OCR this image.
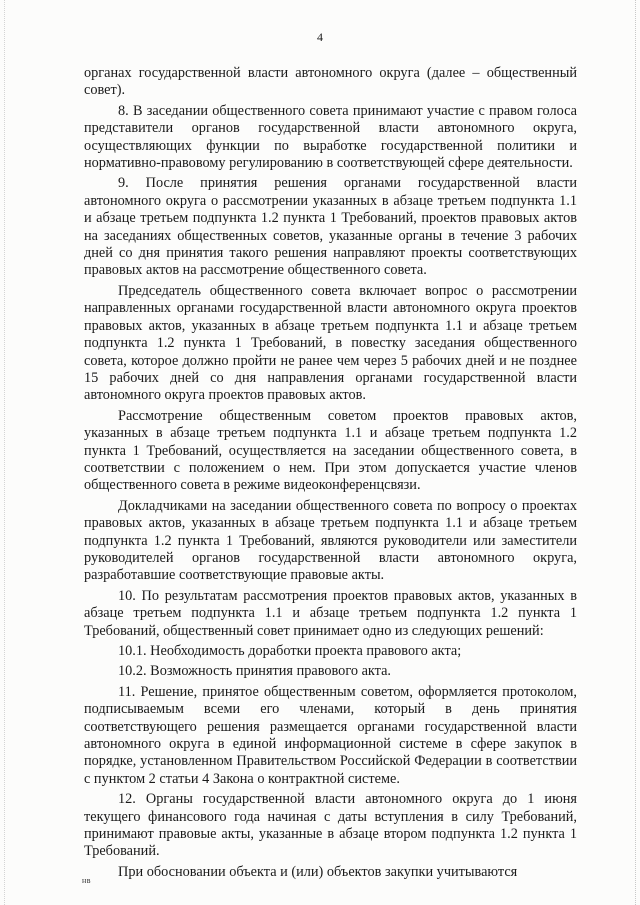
4

органах государственной власти автономного округа (далее – общественный совет).

8. В заседании общественного совета принимают участие с правом голоса представители органов государственной власти автономного округа, осуществляющих функции по выработке государственной политики и нормативно-правовому регулированию в соответствующей сфере деятельности.

9. После принятия решения органами государственной власти автономного округа о рассмотрении указанных в абзаце третьем подпункта 1.1 и абзаце третьем подпункта 1.2 пункта 1 Требований, проектов правовых актов на заседаниях общественных советов, указанные органы в течение 3 рабочих дней со дня принятия такого решения направляют проекты соответствующих правовых актов на рассмотрение общественного совета.

Председатель общественного совета включает вопрос о рассмотрении направленных органами государственной власти автономного округа проектов правовых актов, указанных в абзаце третьем подпункта 1.1 и абзаце третьем подпункта 1.2 пункта 1 Требований, в повестку заседания общественного совета, которое должно пройти не ранее чем через 5 рабочих дней и не позднее 15 рабочих дней со дня направления органами государственной власти автономного округа проектов правовых актов.

Рассмотрение общественным советом проектов правовых актов, указанных в абзаце третьем подпункта 1.1 и абзаце третьем подпункта 1.2 пункта 1 Требований, осуществляется на заседании общественного совета, в соответствии с положением о нем. При этом допускается участие членов общественного совета в режиме видеоконференцсвязи.

Докладчиками на заседании общественного совета по вопросу о проектах правовых актов, указанных в абзаце третьем подпункта 1.1 и абзаце третьем подпункта 1.2 пункта 1 Требований, являются руководители или заместители руководителей органов государственной власти автономного округа, разработавшие соответствующие правовые акты.

10. По результатам рассмотрения проектов правовых актов, указанных в абзаце третьем подпункта 1.1 и абзаце третьем подпункта 1.2 пункта 1 Требований, общественный совет принимает одно из следующих решений:

10.1. Необходимость доработки проекта правового акта;

10.2. Возможность принятия правового акта.

11. Решение, принятое общественным советом, оформляется протоколом, подписываемым всеми его членами, который в день принятия соответствующего решения размещается органами государственной власти автономного округа в единой информационной системе в сфере закупок в порядке, установленном Правительством Российской Федерации в соответствии с пунктом 2 статьи 4 Закона о контрактной системе.

12. Органы государственной власти автономного округа до 1 июня текущего финансового года начиная с даты вступления в силу Требований, принимают правовые акты, указанные в абзаце втором подпункта 1.2 пункта 1 Требований.

При обосновании объекта и (или) объектов закупки учитываются

нв
